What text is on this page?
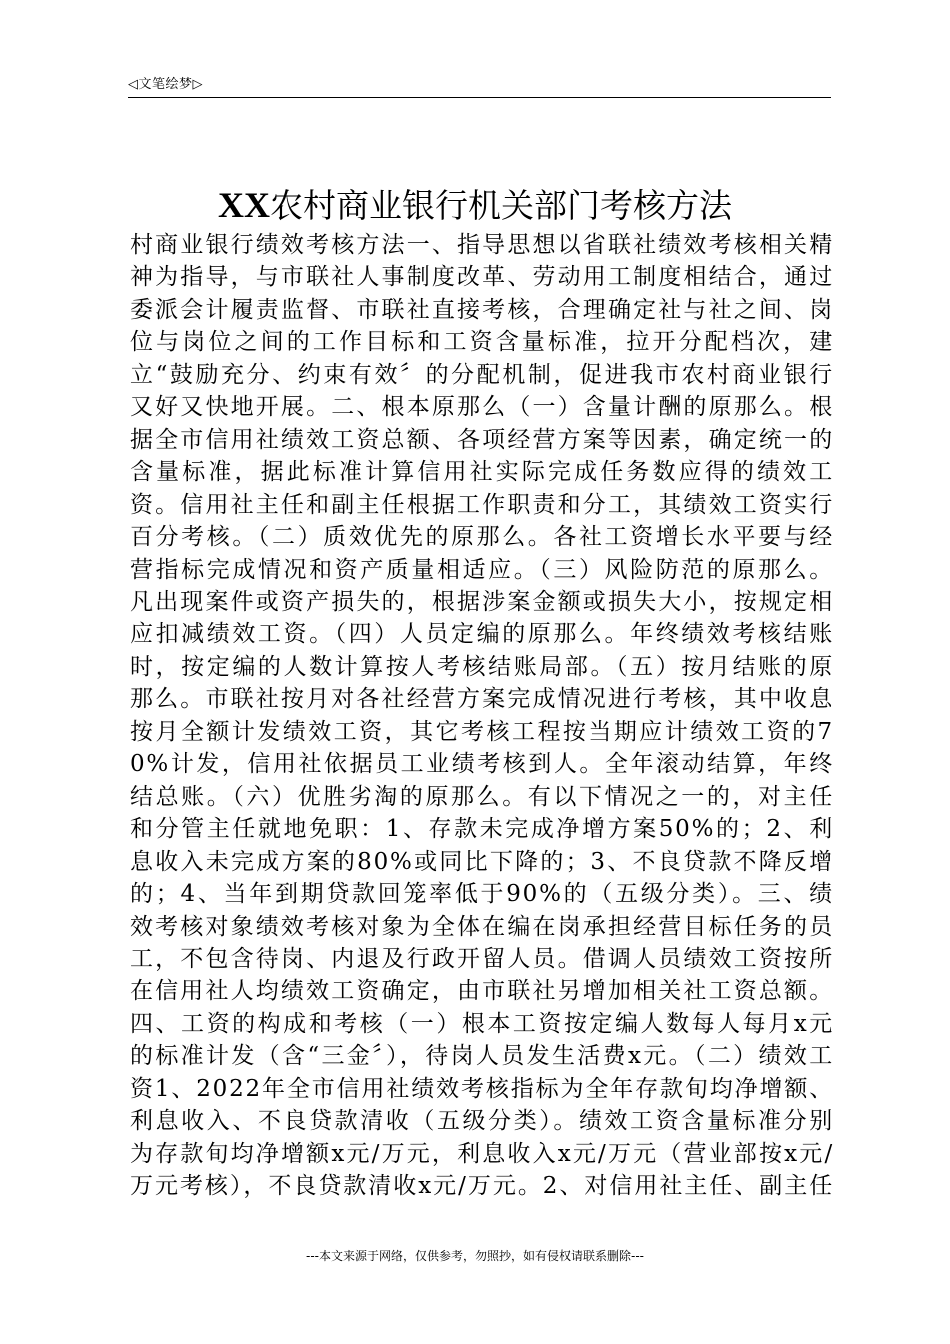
◁文笔绘梦▷
XX农村商业银行机关部门考核方法

村商业银行绩效考核方法一、指导思想以省联社绩效考核相关精神为指导，与市联社人事制度改革、劳动用工制度相结合，通过委派会计履责监督、市联社直接考核，合理确定社与社之间、岗位与岗位之间的工作目标和工资含量标准，拉开分配档次，建立“鼓励充分、约束有效〞的分配机制，促进我市农村商业银行又好又快地开展。二、根本原那么（一）含量计酬的原那么。根据全市信用社绩效工资总额、各项经营方案等因素，确定统一的含量标准，据此标准计算信用社实际完成任务数应得的绩效工资。信用社主任和副主任根据工作职责和分工，其绩效工资实行百分考核。（二）质效优先的原那么。各社工资增长水平要与经营指标完成情况和资产质量相适应。（三）风险防范的原那么。凡出现案件或资产损失的，根据涉案金额或损失大小，按规定相应扣减绩效工资。（四）人员定编的原那么。年终绩效考核结账时，按定编的人数计算按人考核结账局部。（五）按月结账的原那么。市联社按月对各社经营方案完成情况进行考核，其中收息按月全额计发绩效工资，其它考核工程按当期应计绩效工资的70%计发，信用社依据员工业绩考核到人。全年滚动结算，年终结总账。（六）优胜劣淘的原那么。有以下情况之一的，对主任和分管主任就地免职：1、存款未完成净增方案50%的；2、利息收入未完成方案的80%或同比下降的；3、不良贷款不降反增的；4、当年到期贷款回笼率低于90%的（五级分类）。三、绩效考核对象绩效考核对象为全体在编在岗承担经营目标任务的员工，不包含待岗、内退及行政开留人员。借调人员绩效工资按所在信用社人均绩效工资确定，由市联社另增加相关社工资总额。四、工资的构成和考核（一）根本工资按定编人数每人每月x元的标准计发（含“三金〞），待岗人员发生活费x元。（二）绩效工资1、2022年全市信用社绩效考核指标为全年存款旬均净增额、利息收入、不良贷款清收（五级分类）。绩效工资含量标准分别为存款旬均净增额x元/万元，利息收入x元/万元（营业部按x元/万元考核），不良贷款清收x元/万元。2、对信用社主任、副主任

---本文来源于网络，仅供参考，勿照抄，如有侵权请联系删除---
